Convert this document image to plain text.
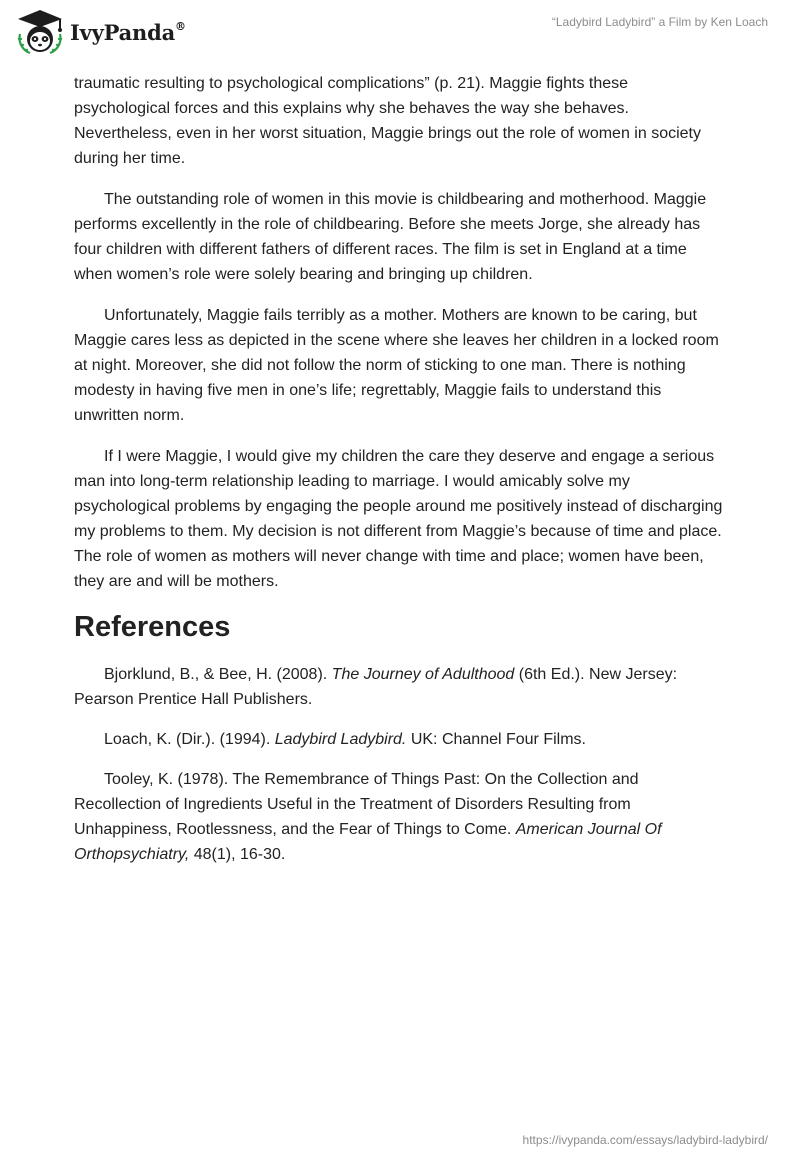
IvyPanda®	“Ladybird Ladybird” a Film by Ken Loach

traumatic resulting to psychological complications” (p. 21). Maggie fights these psychological forces and this explains why she behaves the way she behaves. Nevertheless, even in her worst situation, Maggie brings out the role of women in society during her time.

The outstanding role of women in this movie is childbearing and motherhood. Maggie performs excellently in the role of childbearing. Before she meets Jorge, she already has four children with different fathers of different races. The film is set in England at a time when women’s role were solely bearing and bringing up children.

Unfortunately, Maggie fails terribly as a mother. Mothers are known to be caring, but Maggie cares less as depicted in the scene where she leaves her children in a locked room at night. Moreover, she did not follow the norm of sticking to one man. There is nothing modesty in having five men in one’s life; regrettably, Maggie fails to understand this unwritten norm.

If I were Maggie, I would give my children the care they deserve and engage a serious man into long-term relationship leading to marriage. I would amicably solve my psychological problems by engaging the people around me positively instead of discharging my problems to them. My decision is not different from Maggie’s because of time and place. The role of women as mothers will never change with time and place; women have been, they are and will be mothers.

References

Bjorklund, B., & Bee, H. (2008). The Journey of Adulthood (6th Ed.). New Jersey: Pearson Prentice Hall Publishers.

Loach, K. (Dir.). (1994). Ladybird Ladybird. UK: Channel Four Films.

Tooley, K. (1978). The Remembrance of Things Past: On the Collection and Recollection of Ingredients Useful in the Treatment of Disorders Resulting from Unhappiness, Rootlessness, and the Fear of Things to Come. American Journal Of Orthopsychiatry, 48(1), 16-30.

https://ivypanda.com/essays/ladybird-ladybird/
